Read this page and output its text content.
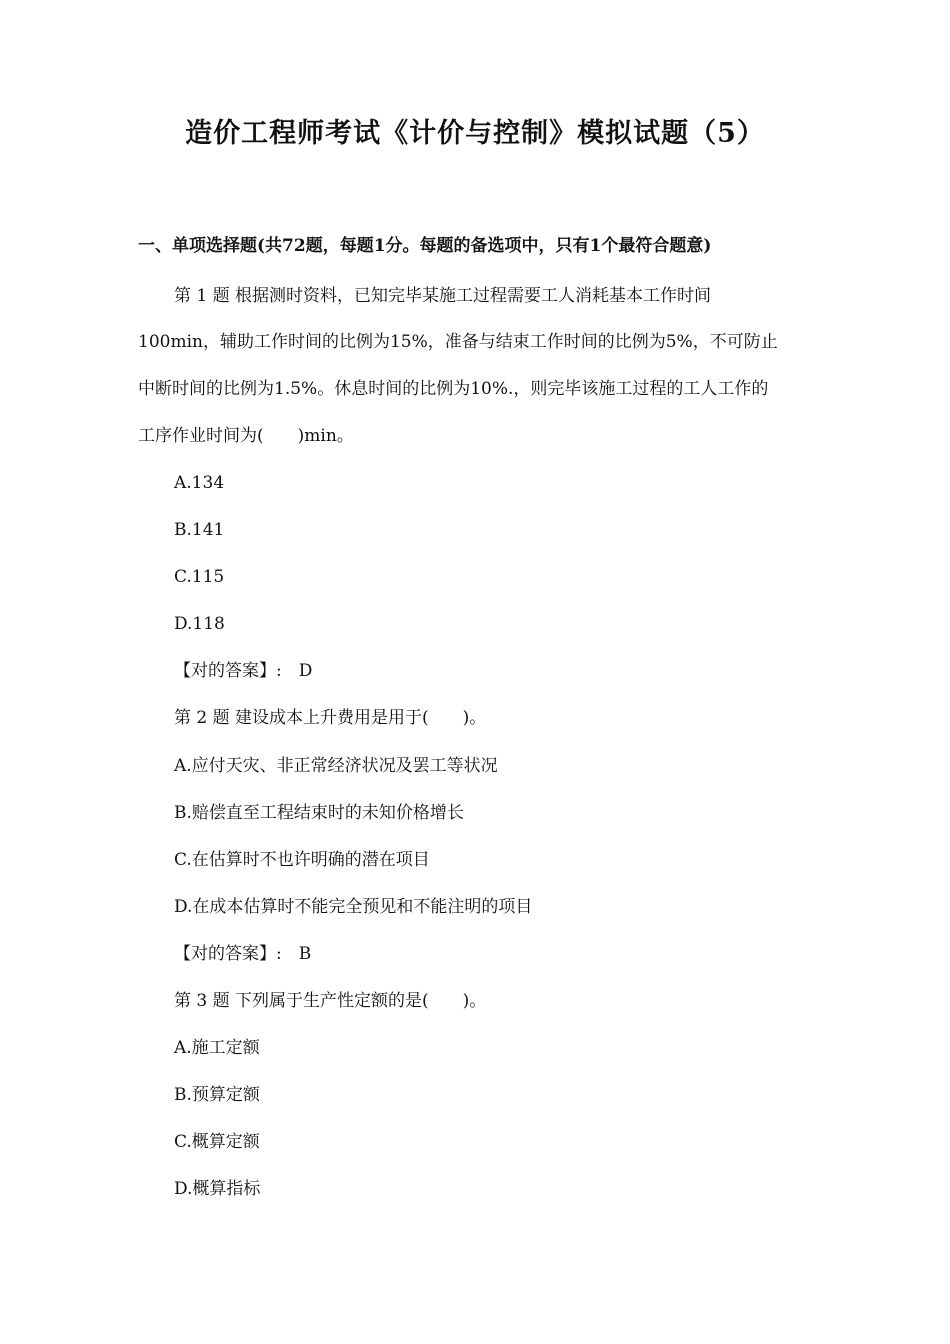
造价工程师考试《计价与控制》模拟试题（5）
一、单项选择题(共72题，每题1分。每题的备选项中，只有1个最符合题意)
第 1 题 根据测时资料，已知完毕某施工过程需要工人消耗基本工作时间
100min，辅助工作时间的比例为15%，准备与结束工作时间的比例为5%，不可防止
中断时间的比例为1.5%。休息时间的比例为10%.，则完毕该施工过程的工人工作的
工序作业时间为(　　)min。
A.134
B.141
C.115
D.118
【对的答案】:　D
第 2 题 建设成本上升费用是用于(　　)。
A.应付天灾、非正常经济状况及罢工等状况
B.赔偿直至工程结束时的未知价格增长
C.在估算时不也许明确的潜在项目
D.在成本估算时不能完全预见和不能注明的项目
【对的答案】:　B
第 3 题 下列属于生产性定额的是(　　)。
A.施工定额
B.预算定额
C.概算定额
D.概算指标
